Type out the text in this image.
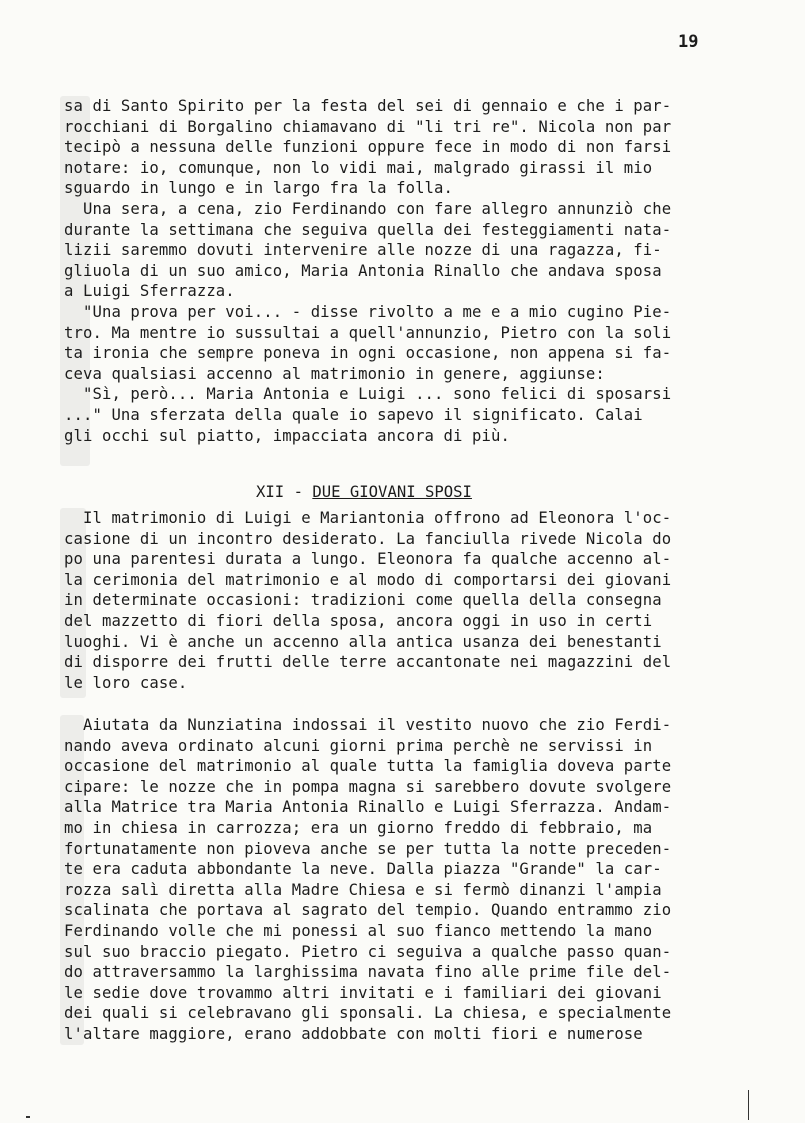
19
sa di Santo Spirito per la festa del sei di gennaio e che i par-
rocchiani di Borgalino chiamavano di "li tri re". Nicola non par
tecipò a nessuna delle funzioni oppure fece in modo di non farsi
notare: io, comunque, non lo vidi mai, malgrado girassi il mio
sguardo in lungo e in largo fra la folla.
Una sera, a cena, zio Ferdinando con fare allegro annunziò che
durante la settimana che seguiva quella dei festeggiamenti nata-
lizii saremmo dovuti intervenire alle nozze di una ragazza, fi-
gliuola di un suo amico, Maria Antonia Rinallo che andava sposa
a Luigi Sferrazza.
"Una prova per voi... - disse rivolto a me e a mio cugino Pie-
tro. Ma mentre io sussultai a quell'annunzio, Pietro con la soli
ta ironia che sempre poneva in ogni occasione, non appena si fa-
ceva qualsiasi accenno al matrimonio in genere, aggiunse:
"Sì, però... Maria Antonia e Luigi ... sono felici di sposarsi
..." Una sferzata della quale io sapevo il significato. Calai
gli occhi sul piatto, impacciata ancora di più.
XII - DUE GIOVANI SPOSI
Il matrimonio di Luigi e Mariantonia offrono ad Eleonora l'oc-
casione di un incontro desiderato. La fanciulla rivede Nicola do
po una parentesi durata a lungo. Eleonora fa qualche accenno al-
la cerimonia del matrimonio e al modo di comportarsi dei giovani
in determinate occasioni: tradizioni come quella della consegna
del mazzetto di fiori della sposa, ancora oggi in uso in certi
luoghi. Vi è anche un accenno alla antica usanza dei benestanti
di disporre dei frutti delle terre accantonate nei magazzini del
le loro case.
Aiutata da Nunziatina indossai il vestito nuovo che zio Ferdi-
nando aveva ordinato alcuni giorni prima perchè ne servissi in
occasione del matrimonio al quale tutta la famiglia doveva parte
cipare: le nozze che in pompa magna si sarebbero dovute svolgere
alla Matrice tra Maria Antonia Rinallo e Luigi Sferrazza. Andam-
mo in chiesa in carrozza; era un giorno freddo di febbraio, ma
fortunatamente non pioveva anche se per tutta la notte preceden-
te era caduta abbondante la neve. Dalla piazza "Grande" la car-
rozza salì diretta alla Madre Chiesa e si fermò dinanzi l'ampia
scalinata che portava al sagrato del tempio. Quando entrammo zio
Ferdinando volle che mi ponessi al suo fianco mettendo la mano
sul suo braccio piegato. Pietro ci seguiva a qualche passo quan-
do attraversammo la larghissima navata fino alle prime file del-
le sedie dove trovammo altri invitati e i familiari dei giovani
dei quali si celebravano gli sponsali. La chiesa, e specialmente
l'altare maggiore, erano addobbate con molti fiori e numerose
